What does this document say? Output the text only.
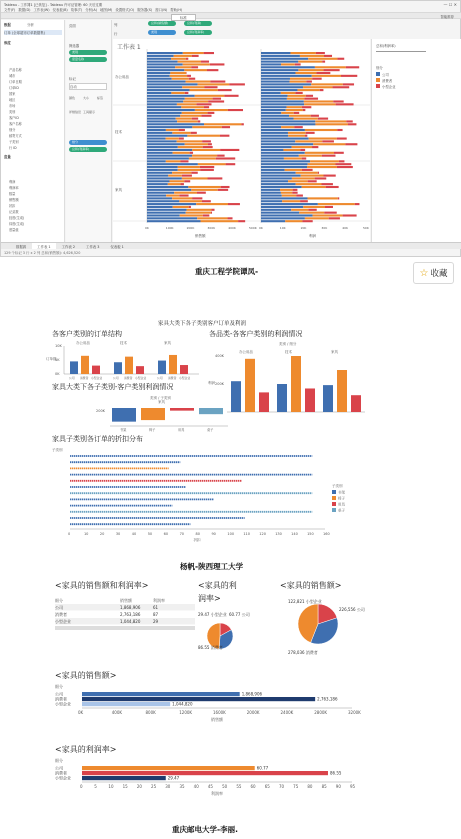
Tableau - 工作簿1 [已恢复] - Tableau 许可证管理: 60 天后过期	— ☐ ✕
文件(F) 数据(D) 工作表(W) 仪表板(B) 故事(T) 分析(A) 地图(M) 设置格式(O) 服务器(S) 窗口(N) 帮助(H)
标准	智能推荐
数据	分析
订单 (全球超市订单数据集)
维度
产品名称
城市
订单日期
订单ID
国家
地区
市场
类别
客户ID
客户名称
细分
邮寄方式
子类别
行 ID
度量
利润
利润率
数量
销售额
折扣
记录数
经度(生成)
纬度(生成)
度量值
页面
筛选器
类别
度量名称
标记
自动
颜色	大小	标签
详细信息 工具提示
细分
总和(利润率)
列	总和(销售额)	总和(利润)
行	类别	总和(利润率)
工作表 1
办公用品
技术
家具
0K	100K	200K	300K	400K	500K
销售额
0K	10K	20K	30K	40K	50K
利润
总和(利润率)
细分
公司
消费者
小型企业
数据源	工作表 1	工作表 2	工作表 3	仪表板 1
129 个标记 3 行 x 2 列 总和(销售额): 4,626,520
重庆工程学院谭凤-	☆ 收藏
家具大类下各子类别客户订单及利润
各客户类别的订单结构	各品类-各客户类别的利润情况
0K
5K
10K
订单数
办公用品
公司 消费者 小型企业
技术
公司 消费者 小型企业
家具
公司 消费者 小型企业
类别 / 细分
200K
400K
利润
办公用品	技术	家具
类别 / 子类别
家具
200K
书架	椅子	用具	桌子
子类别
0	10	20	30	40	50	60	70	80	90	100	110	120	130	140	150	160
折扣
子类别
书架
椅子
用具
桌子
家具大类下各子类别-客户类别利润情况
家具子类别各订单的折扣分布
杨帆-陕西理工大学
<家具的销售额和利润率>	<家具的利
润率>
<家具的销售额>
<家具的销售额>
<家具的利润率>
细分	销售额	利润率
公司	1,868,906	61
消费者	2,763,186	87
小型企业	1,044,820	29
29.47 小型企业 60.77 公司
86.55 消费者
122,821 小型企业
226,556 公司
278,036 消费者
细分
公司	1,868,906
消费者	2,763,186
小型企业	1,044,820
0K	400K	800K	1200K	1600K	2000K	2400K	2800K	3200K
销售额
细分
公司	60.77
消费者	86.55
小型企业	29.47
0	5	10 15 20 25 30 35 40 45 50 55 60 65 70 75 80 85 90 95
利润率
重庆邮电大学-李丽.
